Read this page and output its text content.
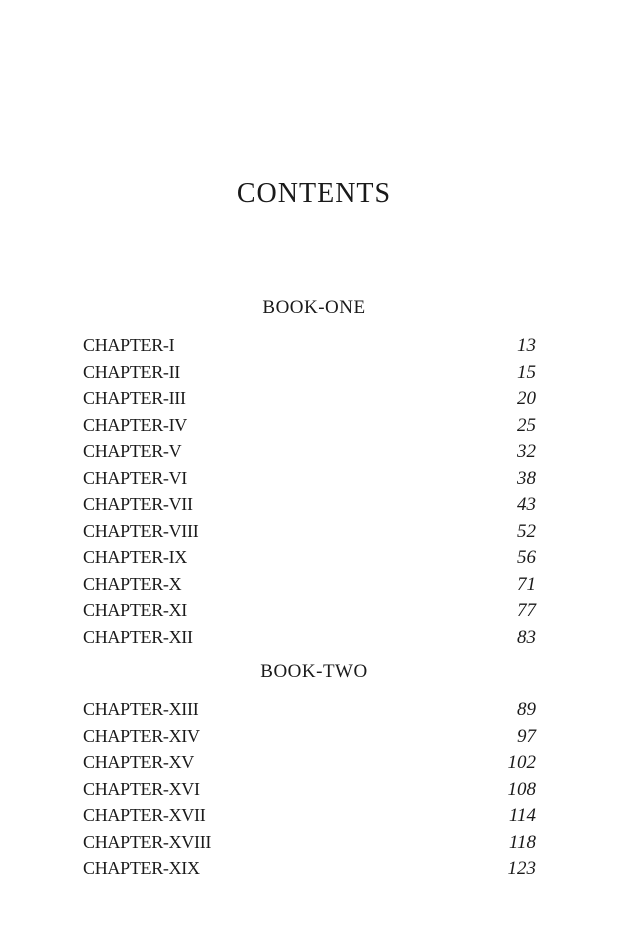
CONTENTS
BOOK-ONE
CHAPTER-I	13
CHAPTER-II	15
CHAPTER-III	20
CHAPTER-IV	25
CHAPTER-V	32
CHAPTER-VI	38
CHAPTER-VII	43
CHAPTER-VIII	52
CHAPTER-IX	56
CHAPTER-X	71
CHAPTER-XI	77
CHAPTER-XII	83
BOOK-TWO
CHAPTER-XIII	89
CHAPTER-XIV	97
CHAPTER-XV	102
CHAPTER-XVI	108
CHAPTER-XVII	114
CHAPTER-XVIII	118
CHAPTER-XIX	123
